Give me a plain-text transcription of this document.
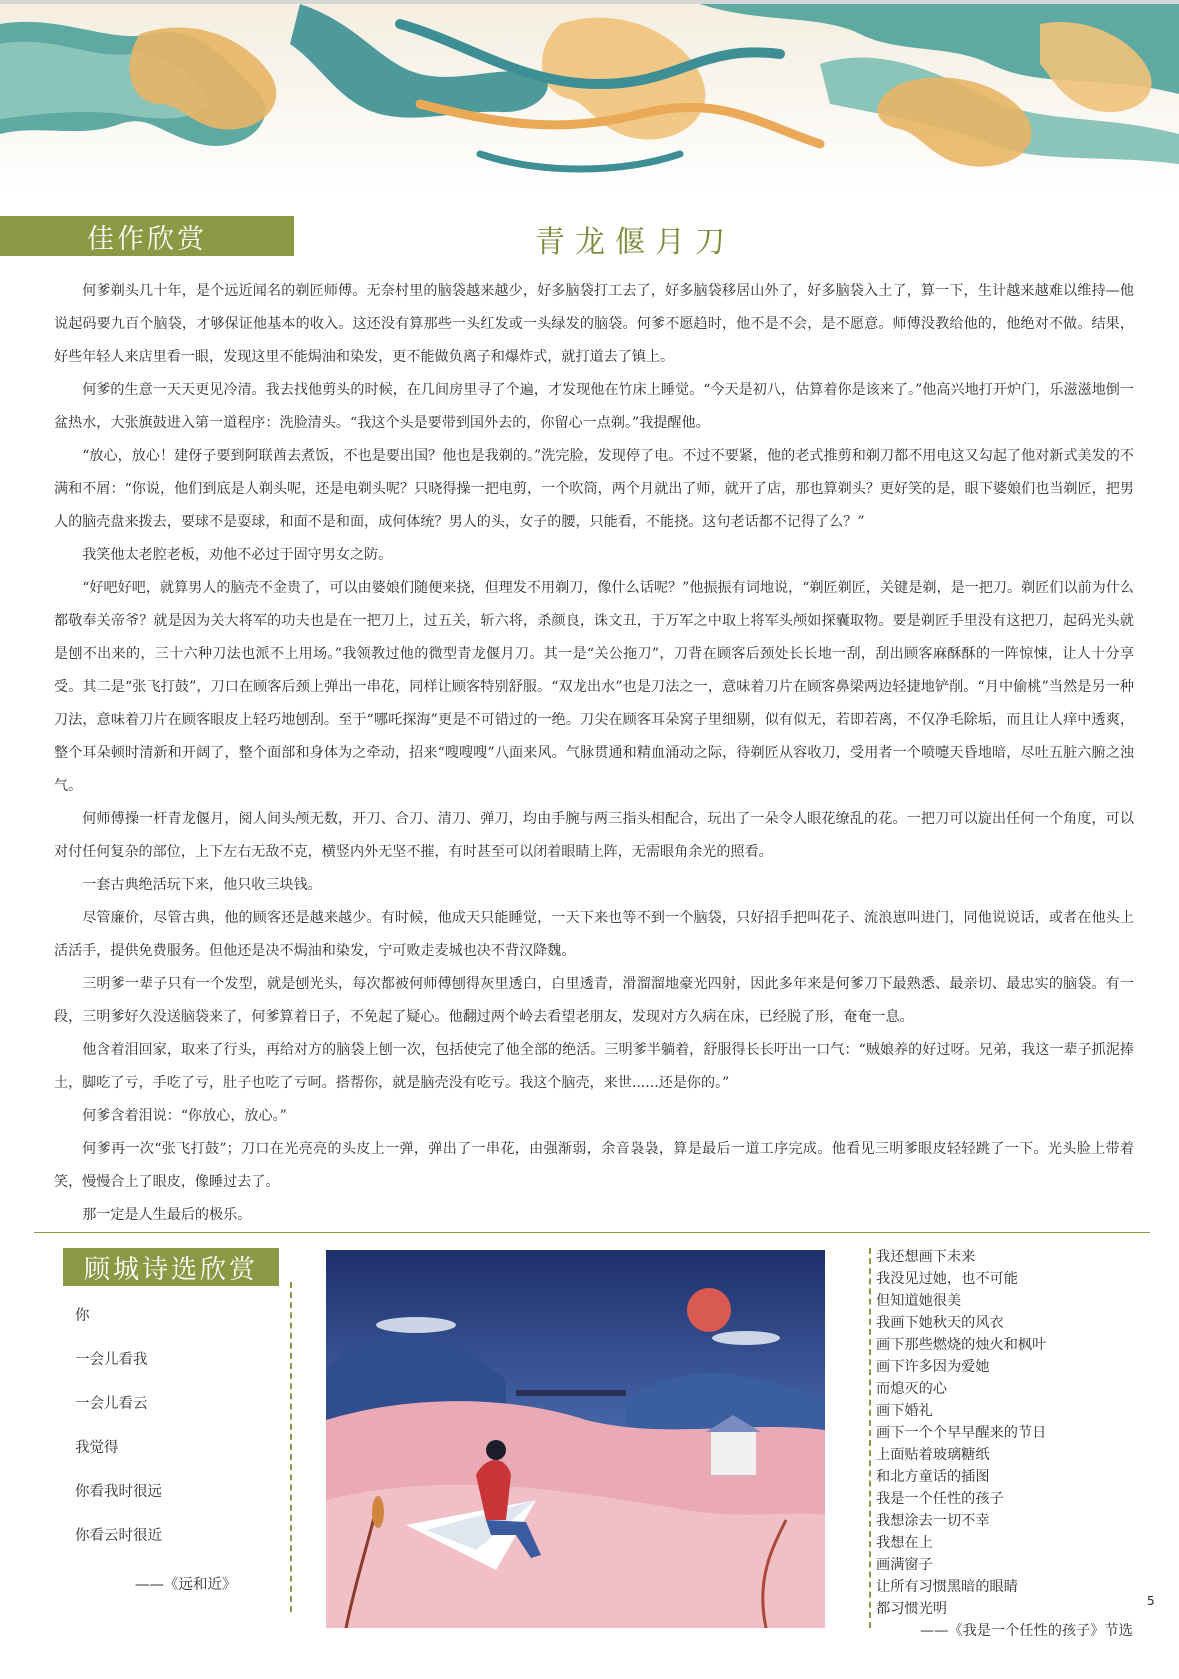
佳作欣赏	青龙偃月刀

何爹剃头几十年，是个远近闻名的剃匠师傅。无奈村里的脑袋越来越少，好多脑袋打工去了，好多脑袋移居山外了，好多脑袋入土了，算一下，生计越来越难以维持—他说起码要九百个脑袋，才够保证他基本的收入。这还没有算那些一头红发或一头绿发的脑袋。何爹不愿趋时，他不是不会，是不愿意。师傅没教给他的，他绝对不做。结果，好些年轻人来店里看一眼，发现这里不能焗油和染发，更不能做负离子和爆炸式，就打道去了镇上。

何爹的生意一天天更见冷清。我去找他剪头的时候，在几间房里寻了个遍，才发现他在竹床上睡觉。“今天是初八，估算着你是该来了。”他高兴地打开炉门，乐滋滋地倒一盆热水，大张旗鼓进入第一道程序：洗脸清头。“我这个头是要带到国外去的，你留心一点剃。”我提醒他。

“放心，放心！建伢子要到阿联酋去煮饭，不也是要出国？他也是我剃的。”洗完脸，发现停了电。不过不要紧，他的老式推剪和剃刀都不用电这又勾起了他对新式美发的不满和不屑：“你说，他们到底是人剃头呢，还是电剃头呢？只晓得操一把电剪，一个吹筒，两个月就出了师，就开了店，那也算剃头？更好笑的是，眼下婆娘们也当剃匠，把男人的脑壳盘来拨去，要球不是耍球，和面不是和面，成何体统？男人的头，女子的腰，只能看，不能挠。这句老话都不记得了么？”

我笑他太老腔老板，劝他不必过于固守男女之防。

“好吧好吧，就算男人的脑壳不金贵了，可以由婆娘们随便来挠，但理发不用剃刀，像什么话呢？”他振振有词地说，“剃匠剃匠，关键是剃，是一把刀。剃匠们以前为什么都敬奉关帝爷？就是因为关大将军的功夫也是在一把刀上，过五关，斩六将，杀颜良，诛文丑，于万军之中取上将军头颅如探囊取物。要是剃匠手里没有这把刀，起码光头就是刨不出来的，三十六种刀法也派不上用场。”我领教过他的微型青龙偃月刀。其一是“关公拖刀”，刀背在顾客后颈处长长地一刮，刮出顾客麻酥酥的一阵惊悚，让人十分享受。其二是“张飞打鼓”，刀口在顾客后颈上弹出一串花，同样让顾客特别舒服。“双龙出水”也是刀法之一，意味着刀片在顾客鼻梁两边轻捷地铲削。“月中偷桃”当然是另一种刀法，意味着刀片在顾客眼皮上轻巧地刨刮。至于“哪吒探海”更是不可错过的一绝。刀尖在顾客耳朵窝子里细剔，似有似无，若即若离，不仅净毛除垢，而且让人痒中透爽，整个耳朵顿时清新和开阔了，整个面部和身体为之牵动，招来“嗖嗖嗖”八面来风。气脉贯通和精血涌动之际，待剃匠从容收刀，受用者一个喷嚏天昏地暗，尽吐五脏六腑之浊气。

何师傅操一杆青龙偃月，阅人间头颅无数，开刀、合刀、清刀、弹刀，均由手腕与两三指头相配合，玩出了一朵令人眼花缭乱的花。一把刀可以旋出任何一个角度，可以对付任何复杂的部位，上下左右无敌不克，横竖内外无坚不摧，有时甚至可以闭着眼睛上阵，无需眼角余光的照看。

一套古典绝活玩下来，他只收三块钱。

尽管廉价，尽管古典，他的顾客还是越来越少。有时候，他成天只能睡觉，一天下来也等不到一个脑袋，只好招手把叫花子、流浪崽叫进门，同他说说话，或者在他头上活活手，提供免费服务。但他还是决不焗油和染发，宁可败走麦城也决不背汉降魏。

三明爹一辈子只有一个发型，就是刨光头，每次都被何师傅刨得灰里透白，白里透青，滑溜溜地豪光四射，因此多年来是何爹刀下最熟悉、最亲切、最忠实的脑袋。有一段，三明爹好久没送脑袋来了，何爹算着日子，不免起了疑心。他翻过两个岭去看望老朋友，发现对方久病在床，已经脱了形，奄奄一息。

他含着泪回家，取来了行头，再给对方的脑袋上刨一次，包括使完了他全部的绝活。三明爹半躺着，舒服得长长吁出一口气：“贼娘养的好过呀。兄弟，我这一辈子抓泥捧土，脚吃了亏，手吃了亏，肚子也吃了亏呵。搭帮你，就是脑壳没有吃亏。我这个脑壳，来世......还是你的。”

何爹含着泪说：“你放心，放心。”

何爹再一次“张飞打鼓”；刀口在光亮亮的头皮上一弹，弹出了一串花，由强渐弱，余音袅袅，算是最后一道工序完成。他看见三明爹眼皮轻轻跳了一下。光头脸上带着笑，慢慢合上了眼皮，像睡过去了。

那一定是人生最后的极乐。

顾城诗选欣赏
你
一会儿看我
一会儿看云
我觉得
你看我时很远
你看云时很近
——《远和近》
我还想画下未来
我没见过她，也不可能
但知道她很美
我画下她秋天的风衣
画下那些燃烧的烛火和枫叶
画下许多因为爱她
而熄灭的心
画下婚礼
画下一个个早早醒来的节日
上面贴着玻璃糖纸
和北方童话的插图
我是一个任性的孩子
我想涂去一切不幸
我想在上
画满窗子
让所有习惯黑暗的眼睛
都习惯光明
——《我是一个任性的孩子》节选
5
